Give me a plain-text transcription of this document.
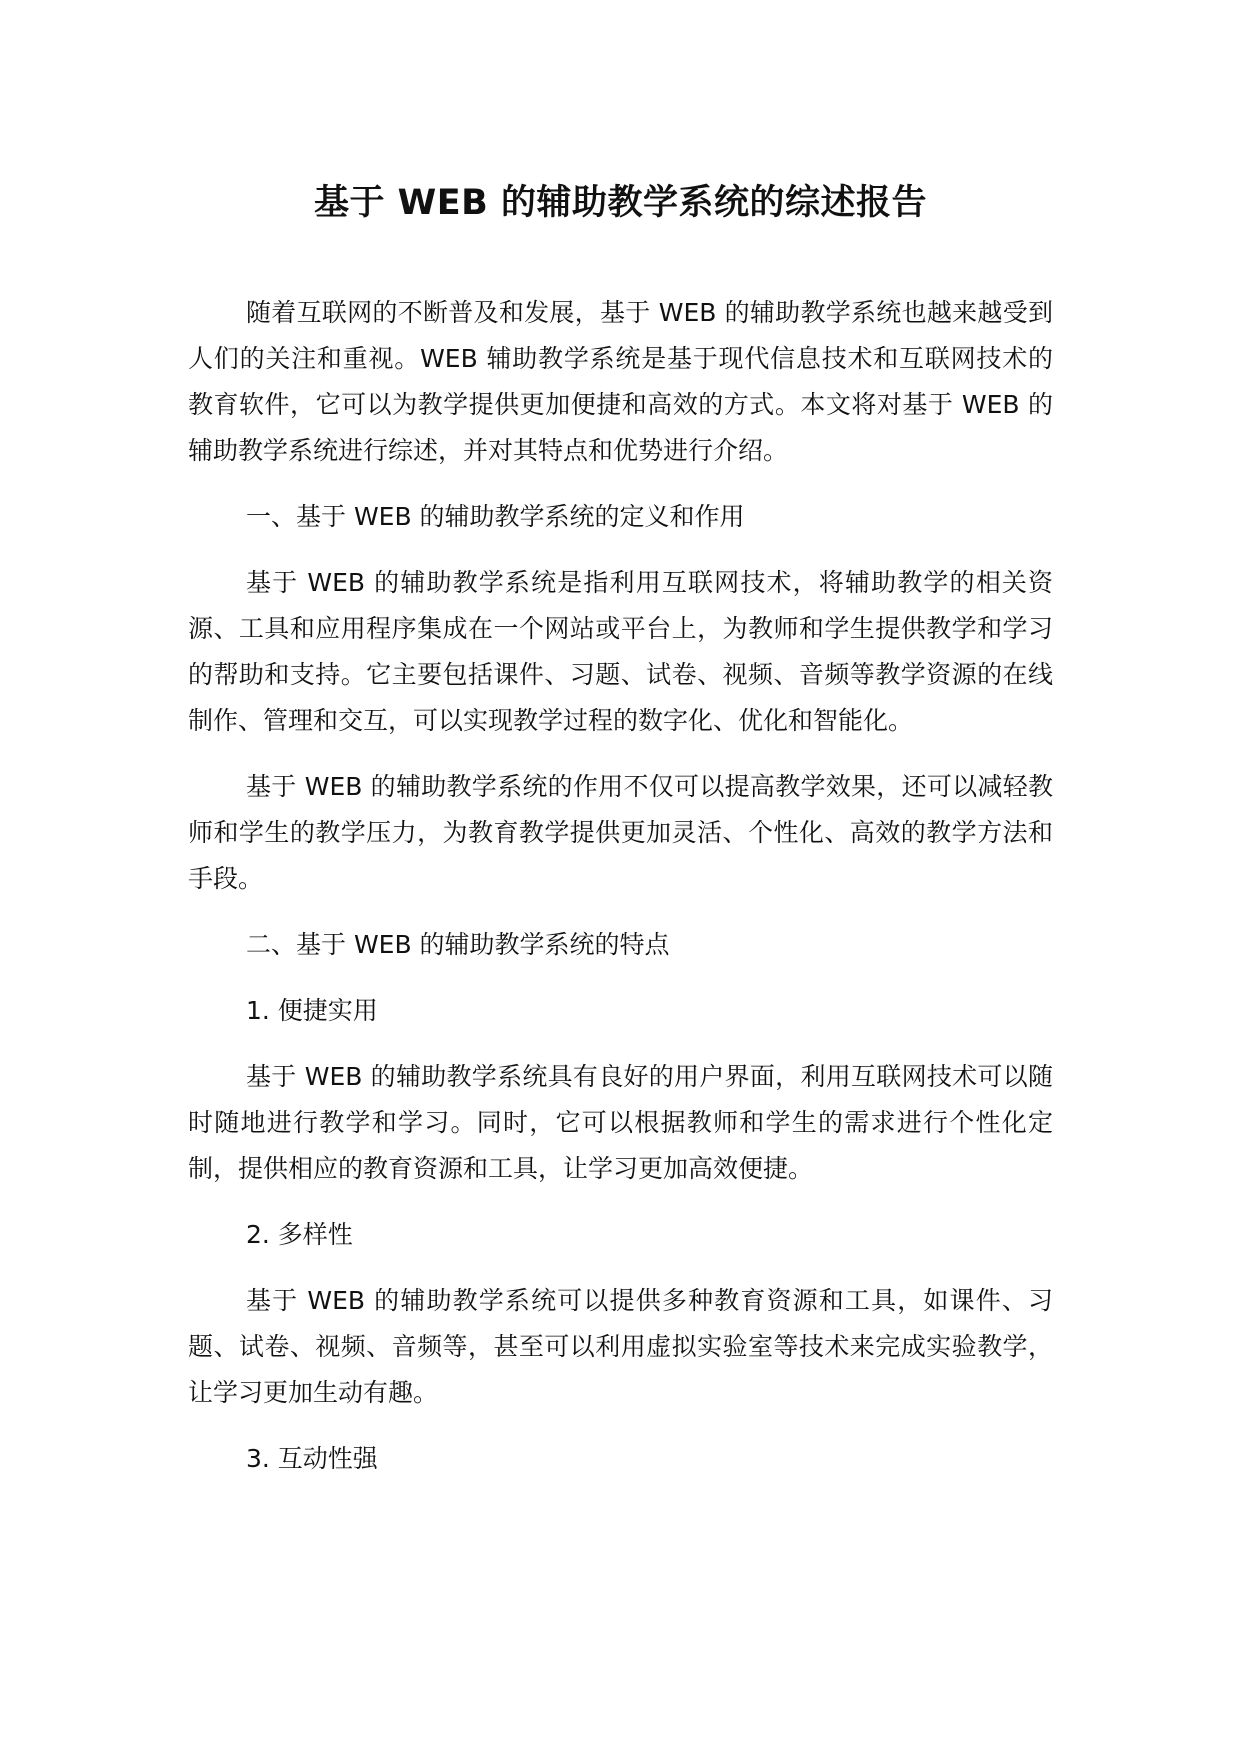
基于 WEB 的辅助教学系统的综述报告

随着互联网的不断普及和发展，基于 WEB 的辅助教学系统也越来越受到人们的关注和重视。WEB 辅助教学系统是基于现代信息技术和互联网技术的教育软件，它可以为教学提供更加便捷和高效的方式。本文将对基于 WEB 的辅助教学系统进行综述，并对其特点和优势进行介绍。

一、基于 WEB 的辅助教学系统的定义和作用

基于 WEB 的辅助教学系统是指利用互联网技术，将辅助教学的相关资源、工具和应用程序集成在一个网站或平台上，为教师和学生提供教学和学习的帮助和支持。它主要包括课件、习题、试卷、视频、音频等教学资源的在线制作、管理和交互，可以实现教学过程的数字化、优化和智能化。

基于 WEB 的辅助教学系统的作用不仅可以提高教学效果，还可以减轻教师和学生的教学压力，为教育教学提供更加灵活、个性化、高效的教学方法和手段。

二、基于 WEB 的辅助教学系统的特点

1. 便捷实用

基于 WEB 的辅助教学系统具有良好的用户界面，利用互联网技术可以随时随地进行教学和学习。同时，它可以根据教师和学生的需求进行个性化定制，提供相应的教育资源和工具，让学习更加高效便捷。

2. 多样性

基于 WEB 的辅助教学系统可以提供多种教育资源和工具，如课件、习题、试卷、视频、音频等，甚至可以利用虚拟实验室等技术来完成实验教学，让学习更加生动有趣。

3. 互动性强
